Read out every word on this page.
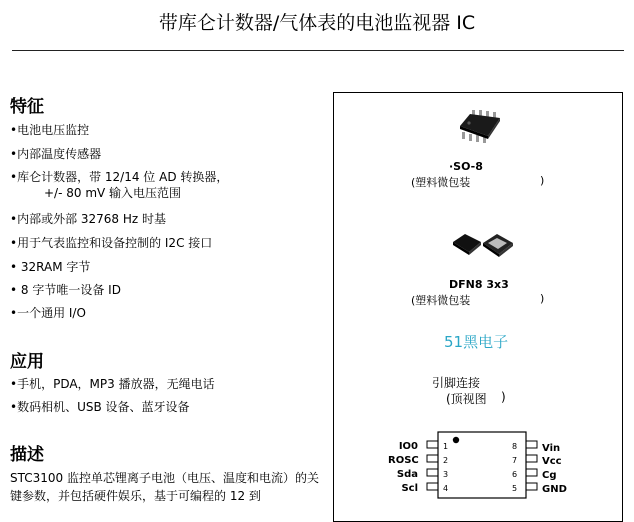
带库仑计数器/气体表的电池监视器 IC
特征
•电池电压监控
•内部温度传感器
•库仑计数器，带 12/14 位 AD 转换器，
+/- 80 mV 输入电压范围
•内部或外部 32768 Hz 时基
•用于气表监控和设备控制的 I2C 接口
• 32RAM 字节
• 8 字节唯一设备 ID
•一个通用 I/O
应用
•手机，PDA，MP3 播放器，无绳电话
•数码相机、USB 设备、蓝牙设备
描述
STC3100 监控单芯锂离子电池（电压、温度和电流）的关键参数，并包括硬件娱乐，基于可编程的 12 到
·SO-8
(塑料微包装	)
DFN8 3x3
(塑料微包装	)
51黑电子
引脚连接
(顶视图 )
IO0
ROSC
Sda
Scl
1
2
3
4
8
7
6
5
Vin
Vcc
Cg
GND
